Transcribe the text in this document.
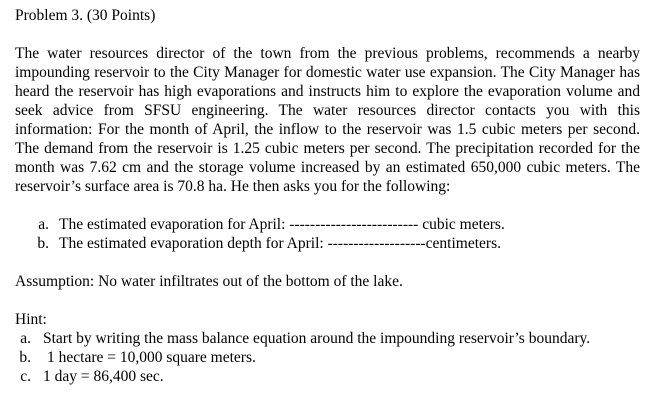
Problem 3. (30 Points)

The water resources director of the town from the previous problems, recommends a nearby impounding reservoir to the City Manager for domestic water use expansion. The City Manager has heard the reservoir has high evaporations and instructs him to explore the evaporation volume and seek advice from SFSU engineering. The water resources director contacts you with this information: For the month of April, the inflow to the reservoir was 1.5 cubic meters per second. The demand from the reservoir is 1.25 cubic meters per second. The precipitation recorded for the month was 7.62 cm and the storage volume increased by an estimated 650,000 cubic meters. The reservoir’s surface area is 70.8 ha. He then asks you for the following:

a. The estimated evaporation for April: ------------------------- cubic meters.
b. The estimated evaporation depth for April: -------------------centimeters.

Assumption: No water infiltrates out of the bottom of the lake.

Hint:

a. Start by writing the mass balance equation around the impounding reservoir’s boundary.
b.	1 hectare = 10,000 square meters.
c. 1 day = 86,400 sec.
